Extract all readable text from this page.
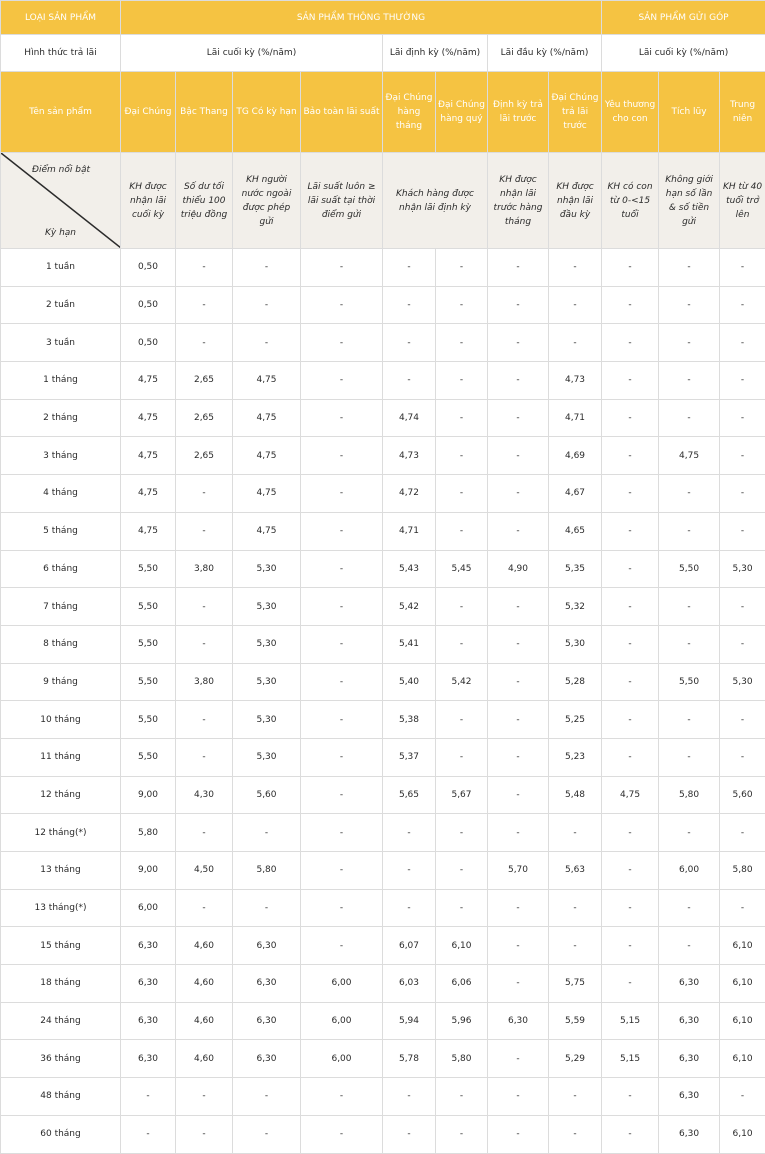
LOẠI SẢN PHẨM	SẢN PHẨM THÔNG THƯỜNG								SẢN PHẨM GỬI GÓP		
Hình thức trả lãi	Lãi cuối kỳ (%/năm)				Lãi định kỳ (%/năm)		Lãi đầu kỳ (%/năm)		Lãi cuối kỳ (%/năm)		
Tên sản phẩm	Đại Chúng	Bậc Thang	TG Có kỳ hạn	Bảo toàn lãi suất	Đại Chúng hàng tháng	Đại Chúng hàng quý	Định kỳ trả lãi trước	Đại Chúng trả lãi trước	Yêu thương cho con	Tích lũy	Trung niên

Điểm nổi bật
Kỳ hạn	KH được nhận lãi cuối kỳ	Số dư tối thiểu 100 triệu đồng	KH người nước ngoài được phép gửi	Lãi suất luôn ≥ lãi suất tại thời điểm gửi	Khách hàng được nhận lãi định kỳ		KH được nhận lãi trước hàng tháng	KH được nhận lãi đầu kỳ	KH có con từ 0-<15 tuổi	Không giới hạn số lần & số tiền gửi	KH từ 40 tuổi trở lên
1 tuần	0,50	-	-	-	-	-	-	-	-	-	-
2 tuần	0,50	-	-	-	-	-	-	-	-	-	-
3 tuần	0,50	-	-	-	-	-	-	-	-	-	-
1 tháng	4,75	2,65	4,75	-	-	-	-	4,73	-	-	-
2 tháng	4,75	2,65	4,75	-	4,74	-	-	4,71	-	-	-
3 tháng	4,75	2,65	4,75	-	4,73	-	-	4,69	-	4,75	-
4 tháng	4,75	-	4,75	-	4,72	-	-	4,67	-	-	-
5 tháng	4,75	-	4,75	-	4,71	-	-	4,65	-	-	-
6 tháng	5,50	3,80	5,30	-	5,43	5,45	4,90	5,35	-	5,50	5,30
7 tháng	5,50	-	5,30	-	5,42	-	-	5,32	-	-	-
8 tháng	5,50	-	5,30	-	5,41	-	-	5,30	-	-	-
9 tháng	5,50	3,80	5,30	-	5,40	5,42	-	5,28	-	5,50	5,30
10 tháng	5,50	-	5,30	-	5,38	-	-	5,25	-	-	-
11 tháng	5,50	-	5,30	-	5,37	-	-	5,23	-	-	-
12 tháng	9,00	4,30	5,60	-	5,65	5,67	-	5,48	4,75	5,80	5,60
12 tháng(*)	5,80	-	-	-	-	-	-	-	-	-	-
13 tháng	9,00	4,50	5,80	-	-	-	5,70	5,63	-	6,00	5,80
13 tháng(*)	6,00	-	-	-	-	-	-	-	-	-	-
15 tháng	6,30	4,60	6,30	-	6,07	6,10	-	-	-	-	6,10
18 tháng	6,30	4,60	6,30	6,00	6,03	6,06	-	5,75	-	6,30	6,10
24 tháng	6,30	4,60	6,30	6,00	5,94	5,96	6,30	5,59	5,15	6,30	6,10
36 tháng	6,30	4,60	6,30	6,00	5,78	5,80	-	5,29	5,15	6,30	6,10
48 tháng	-	-	-	-	-	-	-	-	-	6,30	-
60 tháng	-	-	-	-	-	-	-	-	-	6,30	6,10
